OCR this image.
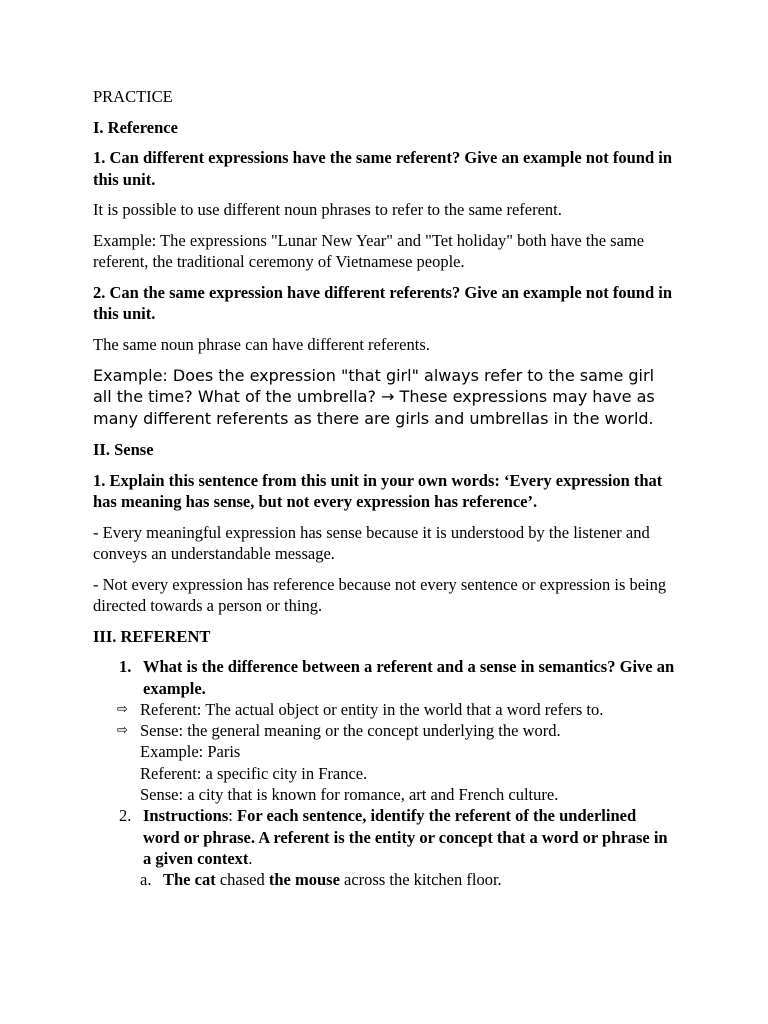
PRACTICE

I. Reference

1. Can different expressions have the same referent? Give an example not found in this unit.

It is possible to use different noun phrases to refer to the same referent.

Example: The expressions "Lunar New Year" and "Tet holiday" both have the same referent, the traditional ceremony of Vietnamese people.

2. Can the same expression have different referents? Give an example not found in this unit.

The same noun phrase can have different referents.

Example: Does the expression "that girl" always refer to the same girl all the time? What of the umbrella? → These expressions may have as many different referents as there are girls and umbrellas in the world.

II. Sense

1. Explain this sentence from this unit in your own words: ‘Every expression that has meaning has sense, but not every expression has reference’.

- Every meaningful expression has sense because it is understood by the listener and conveys an understandable message.

- Not every expression has reference because not every sentence or expression is being directed towards a person or thing.

III. REFERENT

1. What is the difference between a referent and a sense in semantics? Give an example.
⇨ Referent: The actual object or entity in the world that a word refers to.
⇨ Sense: the general meaning or the concept underlying the word.
Example: Paris
Referent: a specific city in France.
Sense: a city that is known for romance, art and French culture.
2. Instructions: For each sentence, identify the referent of the underlined word or phrase. A referent is the entity or concept that a word or phrase in a given context.
a. The cat chased the mouse across the kitchen floor.
